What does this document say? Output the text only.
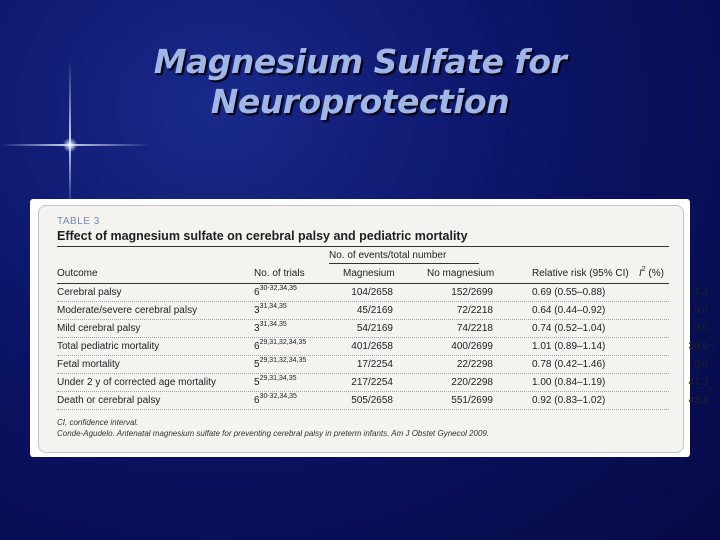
Magnesium Sulfate for
Neuroprotection
TABLE 3
Effect of magnesium sulfate on cerebral palsy and pediatric mortality
No. of events/total number
Outcome	No. of trials	Magnesium	No magnesium	Relative risk (95% CI)	$I^2$ (%)
Cerebral palsy	6$^{30-32,34,35}$	104/2658	152/2699	0.69 (0.55–0.88)	4.4
Moderate/severe cerebral palsy	3$^{31,34,35}$	45/2169	72/2218	0.64 (0.44–0.92)	0.0
Mild cerebral palsy	3$^{31,34,35}$	54/2169	74/2218	0.74 (0.52–1.04)	0.0
Total pediatric mortality	6$^{29,31,32,34,35}$	401/2658	400/2699	1.01 (0.89–1.14)	38.9
Fetal mortality	5$^{29,31,32,34,35}$	17/2254	22/2298	0.78 (0.42–1.46)	0.0
Under 2 y of corrected age mortality	5$^{29,31,34,35}$	217/2254	220/2298	1.00 (0.84–1.19)	47.3
Death or cerebral palsy	6$^{30-32,34,35}$	505/2658	551/2699	0.92 (0.83–1.02)	43.3
CI, confidence interval.
Conde-Agudelo. Antenatal magnesium sulfate for preventing cerebral palsy in preterm infants. Am J Obstet Gynecol 2009.
